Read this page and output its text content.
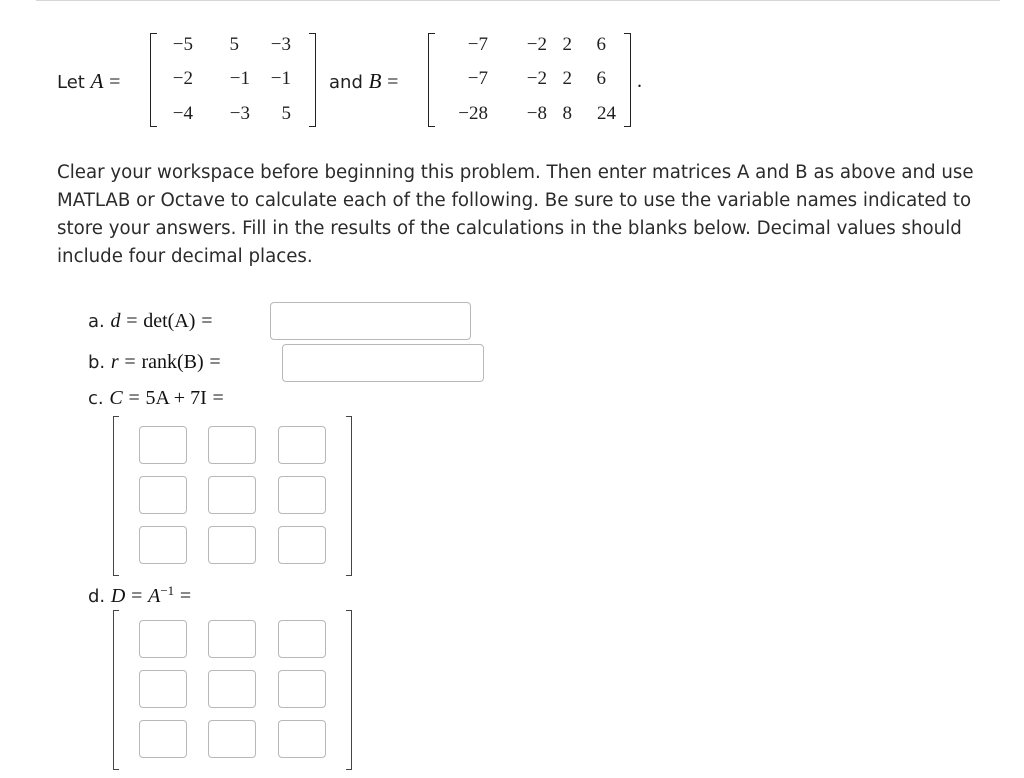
Let A =
−5 5 −3
−2 −1 −1
−4 −3 5
and B =
−7 −2 2 6
−7 −2 2 6
−28 −8 8 24
.
Clear your workspace before beginning this problem. Then enter matrices A and B as above and use MATLAB or Octave to calculate each of the following. Be sure to use the variable names indicated to store your answers. Fill in the results of the calculations in the blanks below. Decimal values should include four decimal places.
a. d = det(A) =
b. r = rank(B) =
c. C = 5A + 7I =
d. $D = A^{-1}$ =
